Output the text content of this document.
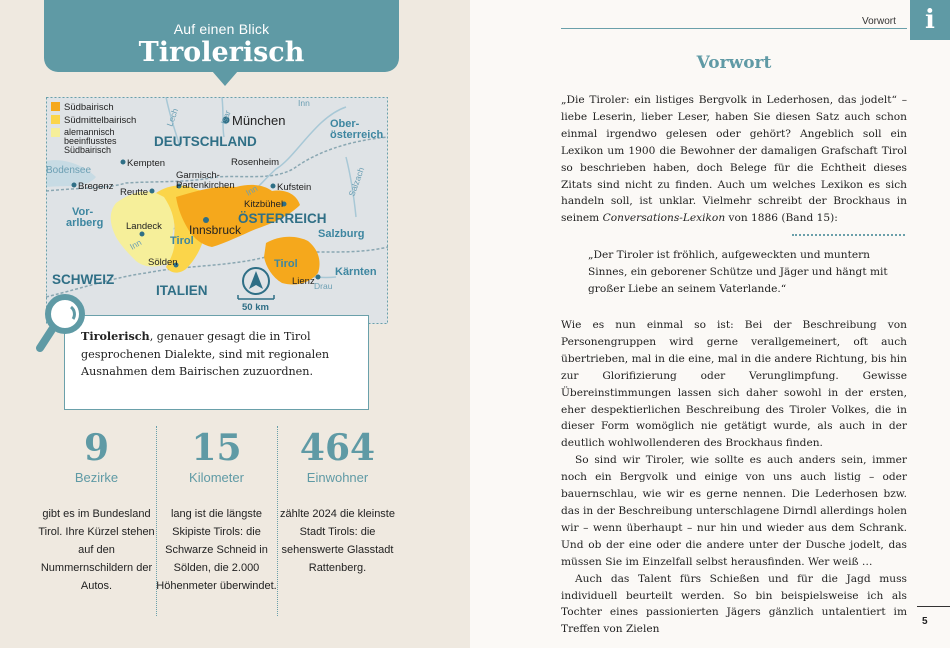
Auf einen Blick
Tirolerisch
Südbairisch
Südmittelbairisch
alemannisch
beeinflusstes
Südbairisch
DEUTSCHLAND
ÖSTERREICH
SCHWEIZ
ITALIEN
Ober-
österreich
Vor-
arlberg
Salzburg
Kärnten
Tirol
Tirol
München
Kempten	Rosenheim
Garmisch-
Partenkirchen
Bregenz
Reutte	Kufstein
Kitzbühel
Landeck Innsbruck
Sölden
Lienz
Bodensee
Lech	Isar
Inn
Inn
Inn
Salzach
Drau
50 km
Tirolerisch, genauer gesagt die in Tirol gesprochenen Dialekte, sind mit regionalen Ausnahmen dem Bairischen zuzuordnen.
9
Bezirke
gibt es im Bundesland Tirol. Ihre Kürzel stehen auf den Nummernschildern der Autos.
15
Kilometer
lang ist die längste Skipiste Tirols: die Schwarze Schneid in Sölden, die 2.000 Höhenmeter überwindet.
464
Einwohner
zählte 2024 die kleinste Stadt Tirols: die sehenswerte Glasstadt Rattenberg.
Vorwort	i
Vorwort

„Die Tiroler: ein listiges Bergvolk in Lederhosen, das jodelt“ – liebe Leserin, lieber Leser, haben Sie diesen Satz auch schon einmal irgendwo gelesen oder gehört? Angeblich soll ein Lexikon um 1900 die Bewohner der damaligen Grafschaft Tirol so beschrieben haben, doch Belege für die Echtheit dieses Zitats sind nicht zu finden. Auch um welches Lexikon es sich handeln soll, ist unklar. Vielmehr schreibt der Brockhaus in seinem Conversations-Lexikon von 1886 (Band 15):

„Der Tiroler ist fröhlich, aufgeweckten und muntern Sinnes, ein geborener Schütze und Jäger und hängt mit großer Liebe an seinem Vaterlande.“

Wie es nun einmal so ist: Bei der Beschreibung von Personengruppen wird gerne verallgemeinert, oft auch übertrieben, mal in die eine, mal in die andere Richtung, bis hin zur Glorifizierung oder Verunglimpfung. Gewisse Übereinstimmungen lassen sich daher sowohl in der ersten, eher despektierlichen Beschreibung des Tiroler Volkes, die in dieser Form womöglich nie getätigt wurde, als auch in der deutlich wohlwollenderen des Brockhaus finden.

So sind wir Tiroler, wie sollte es auch anders sein, immer noch ein Bergvolk und einige von uns auch listig – oder bauernschlau, wie wir es gerne nennen. Die Lederhosen bzw. das in der Beschreibung unterschlagene Dirndl allerdings holen wir – wenn überhaupt – nur hin und wieder aus dem Schrank. Und ob der eine oder die andere unter der Dusche jodelt, das müssen Sie im Einzelfall selbst herausfinden. Wer weiß …

Auch das Talent fürs Schießen und für die Jagd muss individuell beurteilt werden. So bin beispielsweise ich als Tochter eines passionierten Jägers gänzlich untalentiert im Treffen von Zielen

5
